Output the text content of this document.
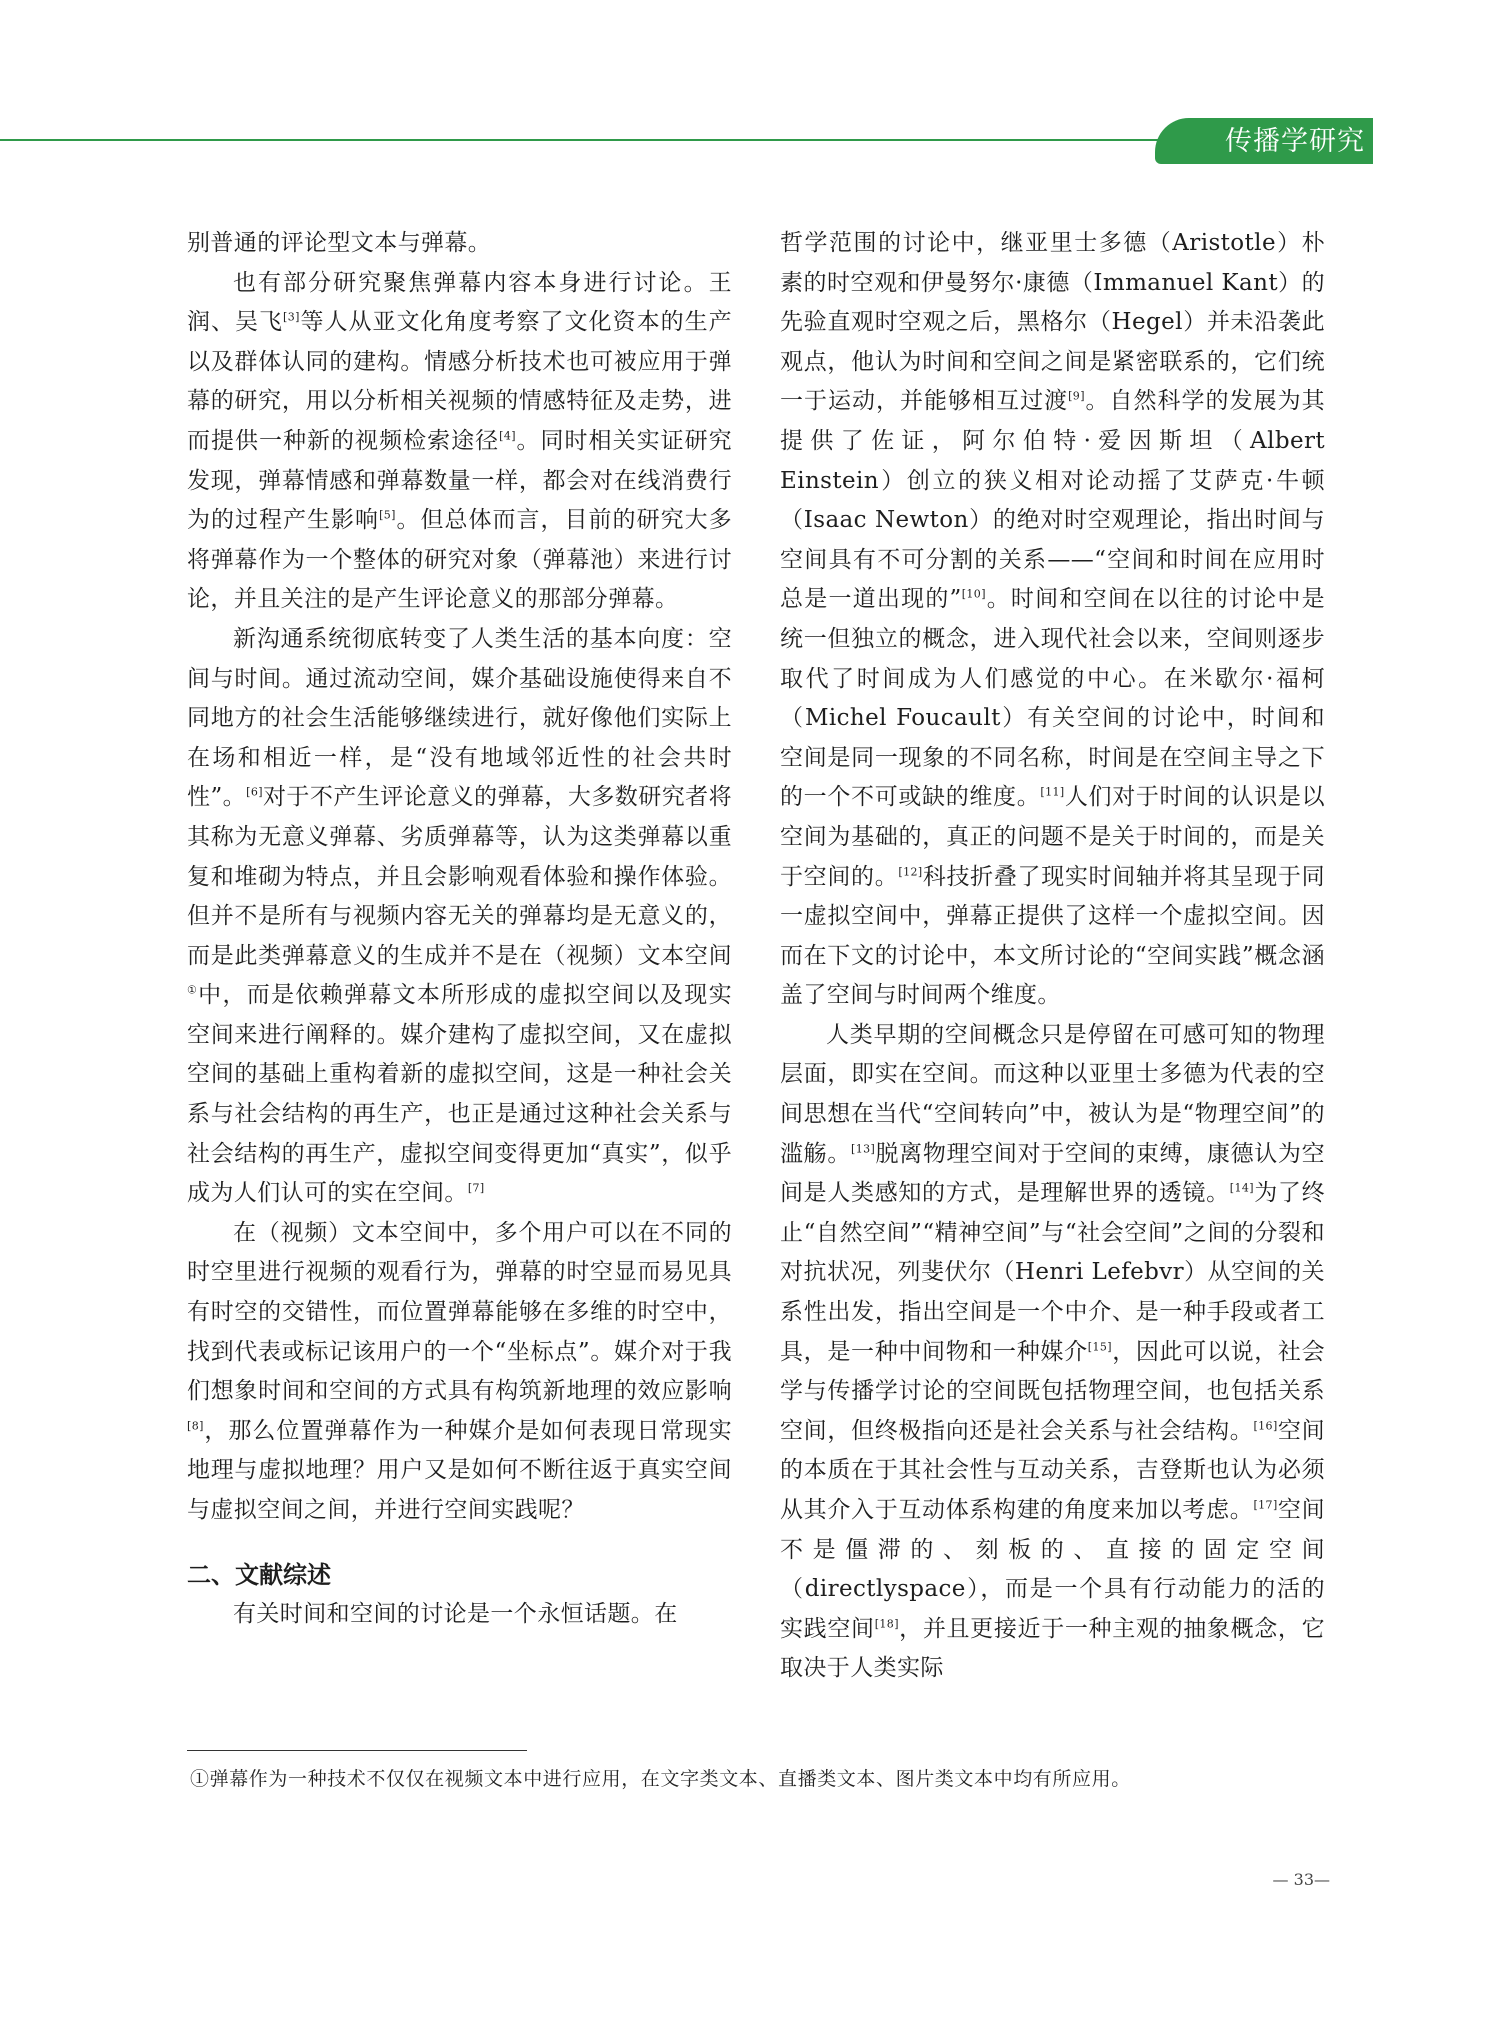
传播学研究

别普通的评论型文本与弹幕。

也有部分研究聚焦弹幕内容本身进行讨论。王润、吴飞[3]等人从亚文化角度考察了文化资本的生产以及群体认同的建构。情感分析技术也可被应用于弹幕的研究，用以分析相关视频的情感特征及走势，进而提供一种新的视频检索途径[4]。同时相关实证研究发现，弹幕情感和弹幕数量一样，都会对在线消费行为的过程产生影响[5]。但总体而言，目前的研究大多将弹幕作为一个整体的研究对象（弹幕池）来进行讨论，并且关注的是产生评论意义的那部分弹幕。

新沟通系统彻底转变了人类生活的基本向度：空间与时间。通过流动空间，媒介基础设施使得来自不同地方的社会生活能够继续进行，就好像他们实际上在场和相近一样，是“没有地域邻近性的社会共时性”。[6]对于不产生评论意义的弹幕，大多数研究者将其称为无意义弹幕、劣质弹幕等，认为这类弹幕以重复和堆砌为特点，并且会影响观看体验和操作体验。但并不是所有与视频内容无关的弹幕均是无意义的，而是此类弹幕意义的生成并不是在（视频）文本空间①中，而是依赖弹幕文本所形成的虚拟空间以及现实空间来进行阐释的。媒介建构了虚拟空间，又在虚拟空间的基础上重构着新的虚拟空间，这是一种社会关系与社会结构的再生产，也正是通过这种社会关系与社会结构的再生产，虚拟空间变得更加“真实”，似乎成为人们认可的实在空间。[7]

在（视频）文本空间中，多个用户可以在不同的时空里进行视频的观看行为，弹幕的时空显而易见具有时空的交错性，而位置弹幕能够在多维的时空中，找到代表或标记该用户的一个“坐标点”。媒介对于我们想象时间和空间的方式具有构筑新地理的效应影响[8]，那么位置弹幕作为一种媒介是如何表现日常现实地理与虚拟地理？用户又是如何不断往返于真实空间与虚拟空间之间，并进行空间实践呢？

二、文献综述

有关时间和空间的讨论是一个永恒话题。在

哲学范围的讨论中，继亚里士多德（Aristotle）朴素的时空观和伊曼努尔·康德（Immanuel Kant）的先验直观时空观之后，黑格尔（Hegel）并未沿袭此观点，他认为时间和空间之间是紧密联系的，它们统一于运动，并能够相互过渡[9]。自然科学的发展为其提供了佐证，阿尔伯特·爱因斯坦（Albert Einstein）创立的狭义相对论动摇了艾萨克·牛顿（Isaac Newton）的绝对时空观理论，指出时间与空间具有不可分割的关系——“空间和时间在应用时总是一道出现的”[10]。时间和空间在以往的讨论中是统一但独立的概念，进入现代社会以来，空间则逐步取代了时间成为人们感觉的中心。在米歇尔·福柯（Michel Foucault）有关空间的讨论中，时间和空间是同一现象的不同名称，时间是在空间主导之下的一个不可或缺的维度。[11]人们对于时间的认识是以空间为基础的，真正的问题不是关于时间的，而是关于空间的。[12]科技折叠了现实时间轴并将其呈现于同一虚拟空间中，弹幕正提供了这样一个虚拟空间。因而在下文的讨论中，本文所讨论的“空间实践”概念涵盖了空间与时间两个维度。

人类早期的空间概念只是停留在可感可知的物理层面，即实在空间。而这种以亚里士多德为代表的空间思想在当代“空间转向”中，被认为是“物理空间”的滥觞。[13]脱离物理空间对于空间的束缚，康德认为空间是人类感知的方式，是理解世界的透镜。[14]为了终止“自然空间”“精神空间”与“社会空间”之间的分裂和对抗状况，列斐伏尔（Henri Lefebvr）从空间的关系性出发，指出空间是一个中介、是一种手段或者工具，是一种中间物和一种媒介[15]，因此可以说，社会学与传播学讨论的空间既包括物理空间，也包括关系空间，但终极指向还是社会关系与社会结构。[16]空间的本质在于其社会性与互动关系，吉登斯也认为必须从其介入于互动体系构建的角度来加以考虑。[17]空间不是僵滞的、刻板的、直接的固定空间（directlyspace），而是一个具有行动能力的活的实践空间[18]，并且更接近于一种主观的抽象概念，它取决于人类实际

①弹幕作为一种技术不仅仅在视频文本中进行应用，在文字类文本、直播类文本、图片类文本中均有所应用。
— 33—
